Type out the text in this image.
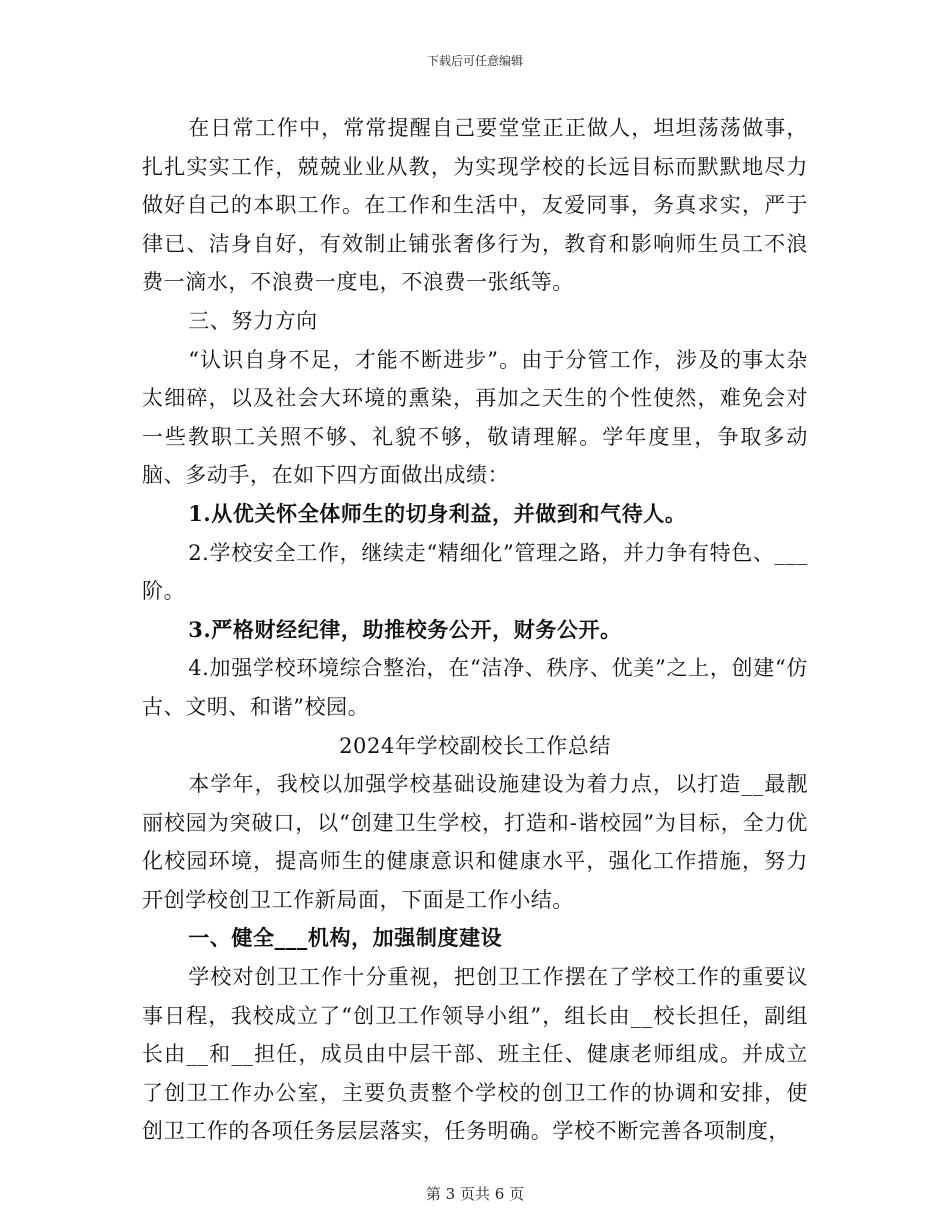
下载后可任意编辑

在日常工作中，常常提醒自己要堂堂正正做人，坦坦荡荡做事，扎扎实实工作，兢兢业业从教，为实现学校的长远目标而默默地尽力做好自己的本职工作。在工作和生活中，友爱同事，务真求实，严于律已、洁身自好，有效制止铺张奢侈行为，教育和影响师生员工不浪费一滴水，不浪费一度电，不浪费一张纸等。

三、努力方向

“认识自身不足，才能不断进步”。由于分管工作，涉及的事太杂太细碎，以及社会大环境的熏染，再加之天生的个性使然，难免会对一些教职工关照不够、礼貌不够，敬请理解。学年度里，争取多动脑、多动手，在如下四方面做出成绩：

1.从优关怀全体师生的切身利益，并做到和气待人。

2.学校安全工作，继续走“精细化”管理之路，并力争有特色、___阶。

3.严格财经纪律，助推校务公开，财务公开。

4.加强学校环境综合整治，在“洁净、秩序、优美”之上，创建“仿古、文明、和谐”校园。

2024年学校副校长工作总结

本学年，我校以加强学校基础设施建设为着力点，以打造__最靓丽校园为突破口，以“创建卫生学校，打造和-谐校园”为目标，全力优化校园环境，提高师生的健康意识和健康水平，强化工作措施，努力开创学校创卫工作新局面，下面是工作小结。

一、健全___机构，加强制度建设

学校对创卫工作十分重视，把创卫工作摆在了学校工作的重要议事日程，我校成立了“创卫工作领导小组”，组长由__校长担任，副组长由__和__担任，成员由中层干部、班主任、健康老师组成。并成立了创卫工作办公室，主要负责整个学校的创卫工作的协调和安排，使创卫工作的各项任务层层落实，任务明确。学校不断完善各项制度，

第 3 页共 6 页
